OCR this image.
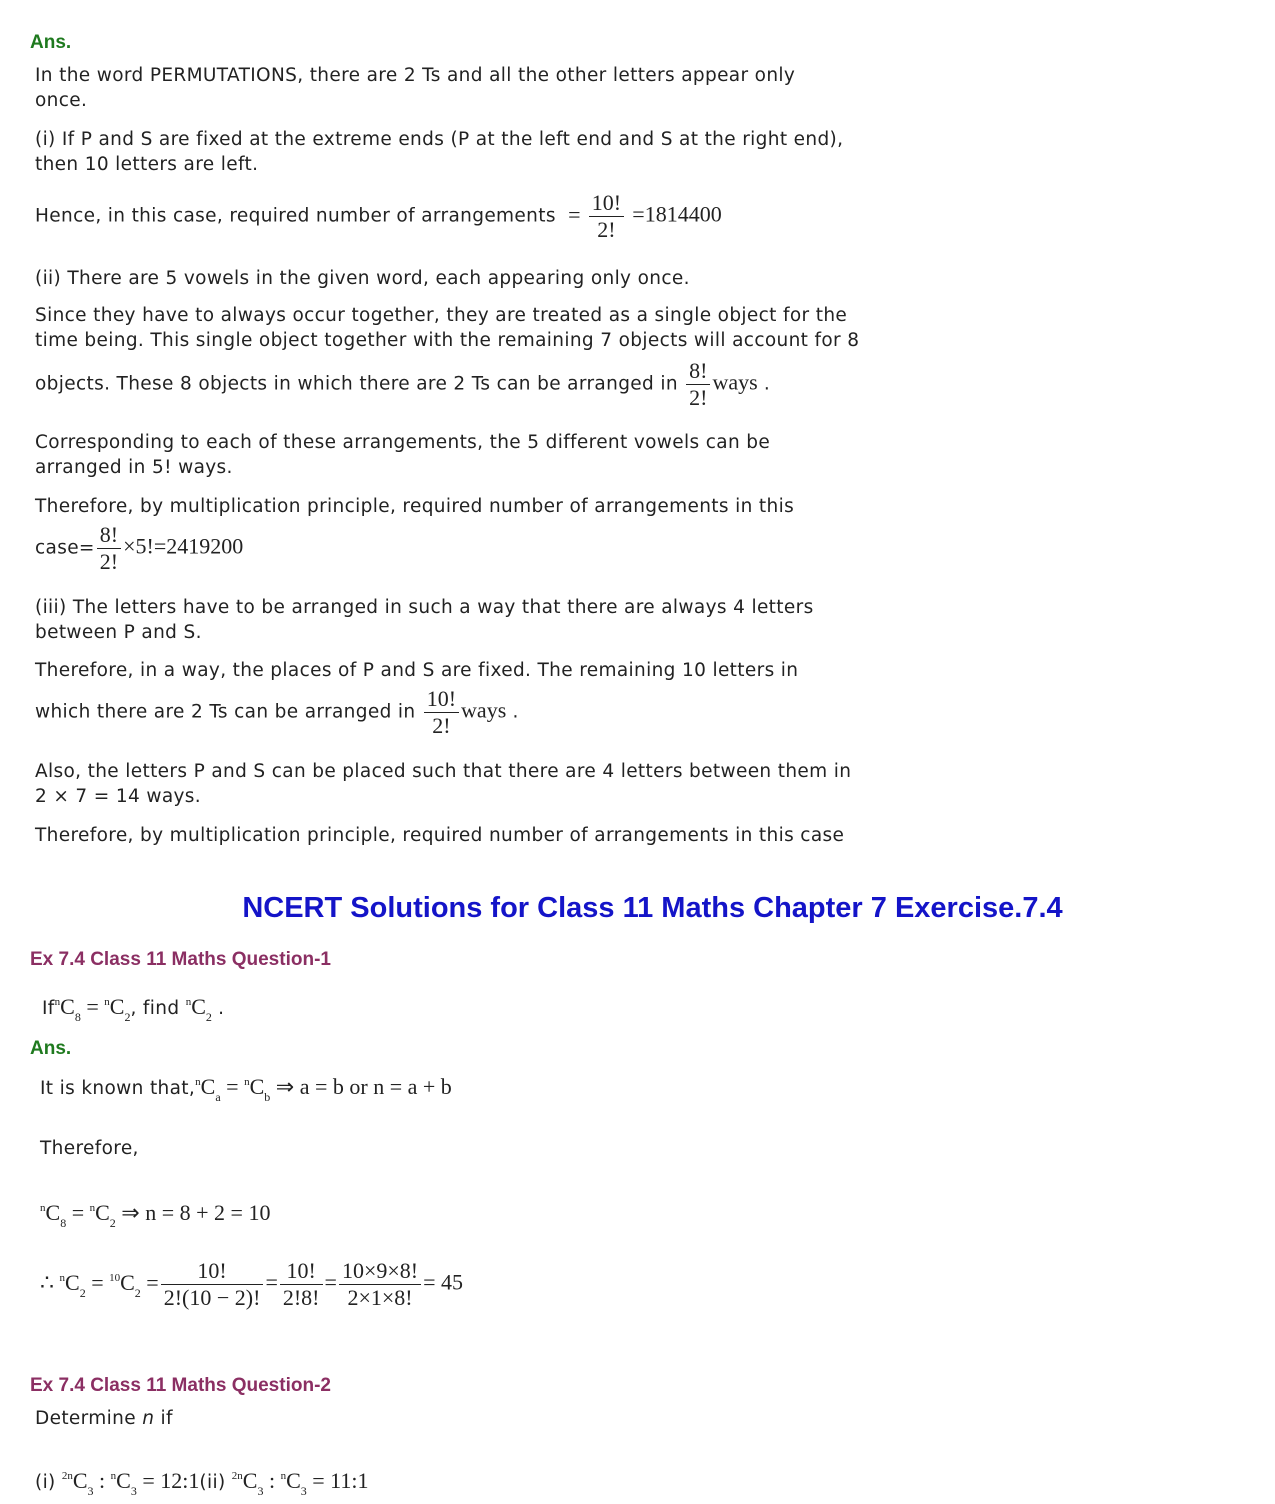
Ans.
In the word PERMUTATIONS, there are 2 Ts and all the other letters appear only
once.
(i) If P and S are fixed at the extreme ends (P at the left end and S at the right end),
then 10 letters are left.
Hence, in this case, required number of arrangements = $\frac{10!}{2!} =1814400$
(ii) There are 5 vowels in the given word, each appearing only once.
Since they have to always occur together, they are treated as a single object for the
time being. This single object together with the remaining 7 objects will account for 8
objects. These 8 objects in which there are 2 Ts can be arranged in $\frac{8!}{2!}$ ways .
Corresponding to each of these arrangements, the 5 different vowels can be
arranged in 5! ways.
Therefore, by multiplication principle, required number of arrangements in this
case= $\frac{8!}{2!} \times 5!=2419200$
(iii) The letters have to be arranged in such a way that there are always 4 letters
between P and S.
Therefore, in a way, the places of P and S are fixed. The remaining 10 letters in
which there are 2 Ts can be arranged in $\frac{10!}{2!}$ ways .
Also, the letters P and S can be placed such that there are 4 letters between them in
2 × 7 = 14 ways.
Therefore, by multiplication principle, required number of arrangements in this case
NCERT Solutions for Class 11 Maths Chapter 7 Exercise.7.4
Ex 7.4 Class 11 Maths Question-1
$If^nC_8 = ^nC_2$, find $^nC_2$ .
Ans.
It is known $that,^nC_a = ^nC_b$ ⇒ a = b or n = a + b
Therefore,
$^nC_8 = ^nC_2$ ⇒ n = 8 + 2 = 10
∴ $^nC_2 = ^{10}C_2 = \frac{10!}{2!(10 - 2)!} = \frac{10!}{2!8!} = \frac{10\times 9\times 8!}{2\times 1\times 8!} = 45$
Ex 7.4 Class 11 Maths Question-2
Determine n if
(i) $^{2n}C_3$ : $^nC_3$ = 12:1(ii) $^{2n}C_3$ : $^nC_3$ = 11:1
